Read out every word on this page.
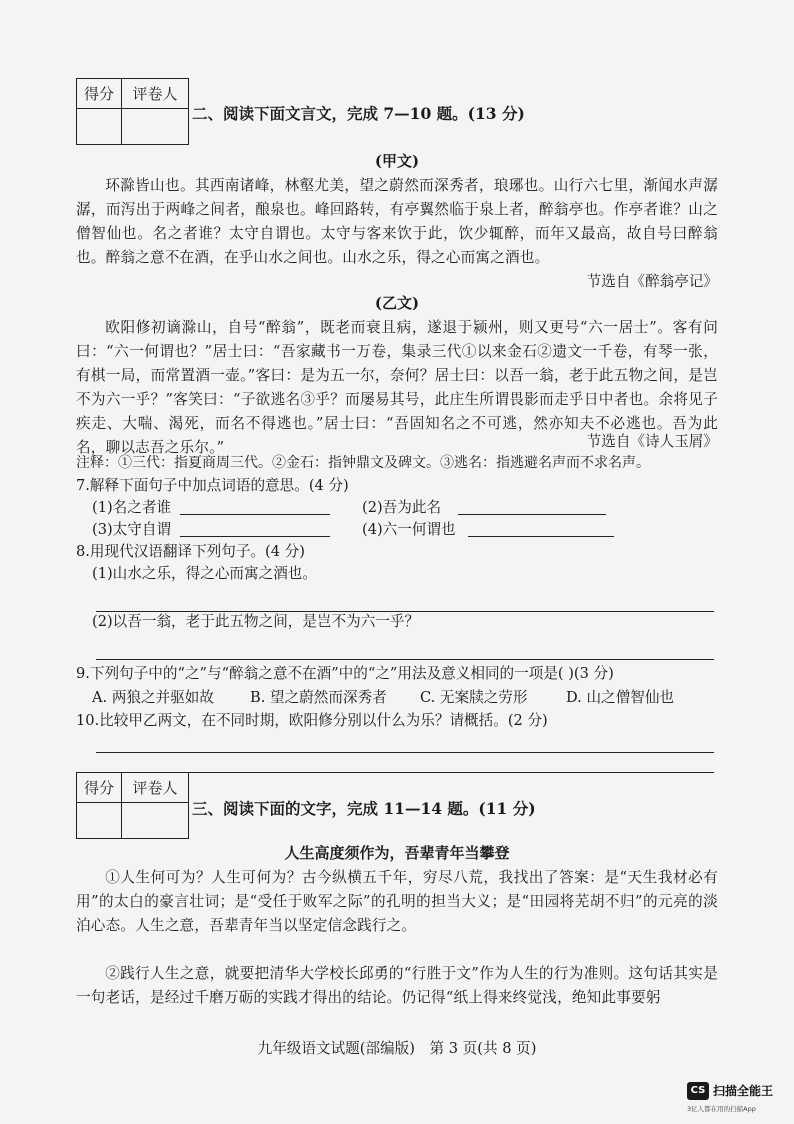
得分	评卷人

二、阅读下面文言文，完成 7—10 题。(13 分)
(甲文)

环滁皆山也。其西南诸峰，林壑尤美，望之蔚然而深秀者，琅琊也。山行六七里，渐闻水声潺潺，而泻出于两峰之间者，酿泉也。峰回路转，有亭翼然临于泉上者，醉翁亭也。作亭者谁？山之僧智仙也。名之者谁？太守自谓也。太守与客来饮于此，饮少辄醉，而年又最高，故自号曰醉翁也。醉翁之意不在酒，在乎山水之间也。山水之乐，得之心而寓之酒也。

节选自《醉翁亭记》
(乙文)

欧阳修初谪滁山，自号“醉翁”，既老而衰且病，遂退于颍州，则又更号“六一居士”。客有问曰：“六一何谓也？”居士曰：“吾家藏书一万卷，集录三代①以来金石②遗文一千卷，有琴一张，有棋一局，而常置酒一壶。”客曰：是为五一尔，奈何？居士曰：以吾一翁，老于此五物之间，是岂不为六一乎？”客笑曰：“子欲逃名③乎？而屡易其号，此庄生所谓畏影而走乎日中者也。余将见子疾走、大喘、渴死，而名不得逃也。”居士曰：“吾固知名之不可逃，然亦知夫不必逃也。吾为此名，聊以志吾之乐尔。”	节选自《诗人玉屑》
注释：①三代：指夏商周三代。②金石：指钟鼎文及碑文。③逃名：指逃避名声而不求名声。
7.解释下面句子中加点词语的意思。(4 分)
(1)名之者谁	(2)吾为此名
(3)太守自谓	(4)六一何谓也
8.用现代汉语翻译下列句子。(4 分)
(1)山水之乐，得之心而寓之酒也。
(2)以吾一翁，老于此五物之间，是岂不为六一乎？
9.下列句子中的“之”与“醉翁之意不在酒”中的“之”用法及意义相同的一项是( )(3 分)
A. 两狼之并驱如故 B. 望之蔚然而深秀者 C. 无案牍之劳形	D. 山之僧智仙也
10.比较甲乙两文，在不同时期，欧阳修分别以什么为乐？请概括。(2 分)
得分	评卷人

三、阅读下面的文字，完成 11—14 题。(11 分)
人生高度须作为，吾辈青年当攀登

①人生何可为？人生可何为？古今纵横五千年，穷尽八荒，我找出了答案：是“天生我材必有用”的太白的豪言壮词；是“受任于败军之际”的孔明的担当大义；是“田园将芜胡不归”的元亮的淡泊心态。人生之意，吾辈青年当以坚定信念践行之。

②践行人生之意，就要把清华大学校长邱勇的“行胜于文”作为人生的行为准则。这句话其实是一句老话，是经过千磨万砺的实践才得出的结论。仍记得“纸上得来终觉浅，绝知此事要躬

九年级语文试题(部编版)　第 3 页(共 8 页)
CS 扫描全能王
3亿人都在用的扫描App
